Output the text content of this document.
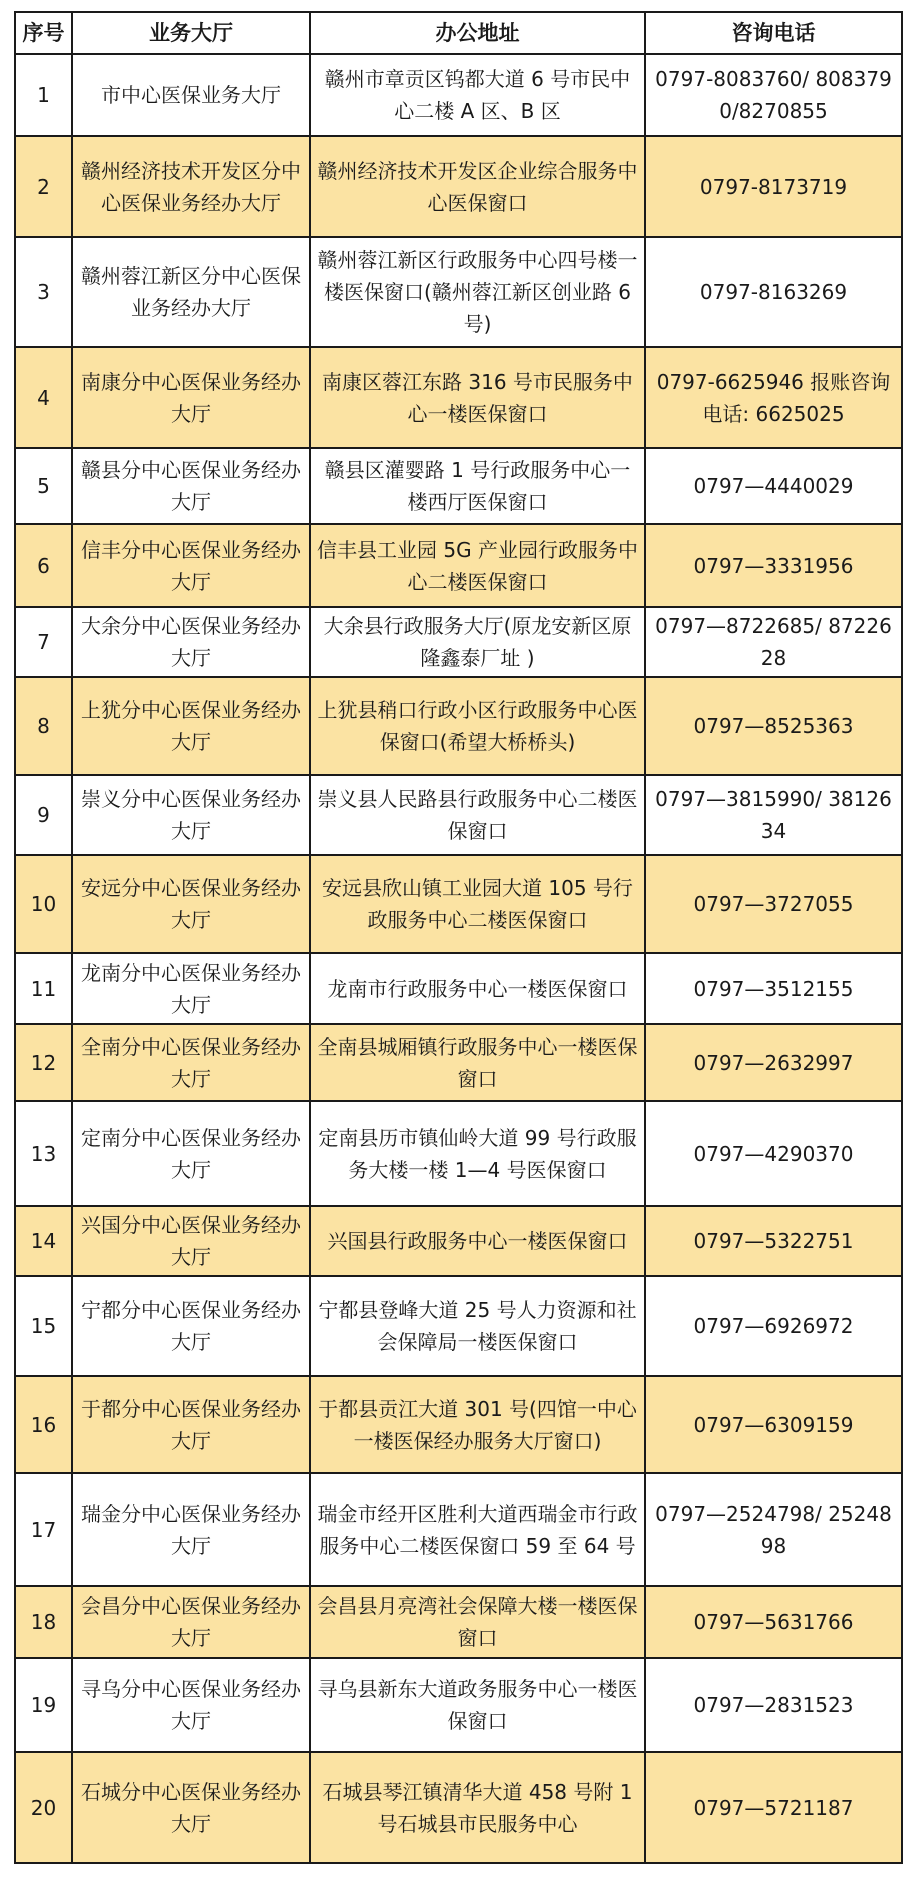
序号	业务大厅	办公地址	咨询电话
1	市中心医保业务大厅	赣州市章贡区钨都大道 6 号市民中心二楼 A 区、B 区	0797-8083760/ 8083790/8270855
2	赣州经济技术开发区分中心医保业务经办大厅	赣州经济技术开发区企业综合服务中心医保窗口	0797-8173719
3	赣州蓉江新区分中心医保业务经办大厅	赣州蓉江新区行政服务中心四号楼一楼医保窗口(赣州蓉江新区创业路 6 号)	0797-8163269
4	南康分中心医保业务经办大厅	南康区蓉江东路 316 号市民服务中心一楼医保窗口	0797-6625946 报账咨询电话: 6625025
5	赣县分中心医保业务经办大厅	赣县区灌婴路 1 号行政服务中心一楼西厅医保窗口	0797—4440029
6	信丰分中心医保业务经办大厅	信丰县工业园 5G 产业园行政服务中心二楼医保窗口	0797—3331956
7	大余分中心医保业务经办大厅	大余县行政服务大厅(原龙安新区原隆鑫泰厂址 )	0797—8722685/ 8722628
8	上犹分中心医保业务经办大厅	上犹县稍口行政小区行政服务中心医保窗口(希望大桥桥头)	0797—8525363
9	崇义分中心医保业务经办大厅	崇义县人民路县行政服务中心二楼医保窗口	0797—3815990/ 3812634
10	安远分中心医保业务经办大厅	安远县欣山镇工业园大道 105 号行政服务中心二楼医保窗口	0797—3727055
11	龙南分中心医保业务经办大厅	龙南市行政服务中心一楼医保窗口	0797—3512155
12	全南分中心医保业务经办大厅	全南县城厢镇行政服务中心一楼医保窗口	0797—2632997
13	定南分中心医保业务经办大厅	定南县历市镇仙岭大道 99 号行政服务大楼一楼 1—4 号医保窗口	0797—4290370
14	兴国分中心医保业务经办大厅	兴国县行政服务中心一楼医保窗口	0797—5322751
15	宁都分中心医保业务经办大厅	宁都县登峰大道 25 号人力资源和社会保障局一楼医保窗口	0797—6926972
16	于都分中心医保业务经办大厅	于都县贡江大道 301 号(四馆一中心一楼医保经办服务大厅窗口)	0797—6309159
17	瑞金分中心医保业务经办大厅	瑞金市经开区胜利大道西瑞金市行政服务中心二楼医保窗口 59 至 64 号	0797—2524798/ 2524898
18	会昌分中心医保业务经办大厅	会昌县月亮湾社会保障大楼一楼医保窗口	0797—5631766
19	寻乌分中心医保业务经办大厅	寻乌县新东大道政务服务中心一楼医保窗口	0797—2831523
20	石城分中心医保业务经办大厅	石城县琴江镇清华大道 458 号附 1 号石城县市民服务中心	0797—5721187
